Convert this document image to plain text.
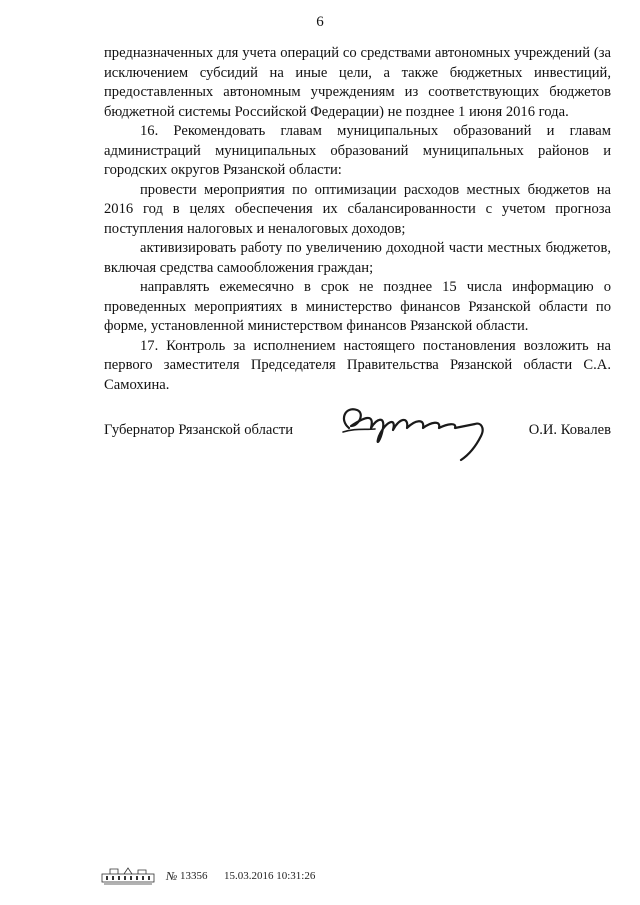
6

предназначенных для учета операций со средствами автономных учреждений (за исключением субсидий на иные цели, а также бюджетных инвестиций, предоставленных автономным учреждениям из соответствующих бюджетов бюджетной системы Российской Федерации) не позднее 1 июня 2016 года.

16. Рекомендовать главам муниципальных образований и главам администраций муниципальных образований муниципальных районов и городских округов Рязанской области:

провести мероприятия по оптимизации расходов местных бюджетов на 2016 год в целях обеспечения их сбалансированности с учетом прогноза поступления налоговых и неналоговых доходов;

активизировать работу по увеличению доходной части местных бюджетов, включая средства самообложения граждан;

направлять ежемесячно в срок не позднее 15 числа информацию о проведенных мероприятиях в министерство финансов Рязанской области по форме, установленной министерством финансов Рязанской области.

17. Контроль за исполнением настоящего постановления возложить на первого заместителя Председателя Правительства Рязанской области С.А. Самохина.

Губернатор Рязанской области	О.И. Ковалев
№ 13356 15.03.2016 10:31:26
